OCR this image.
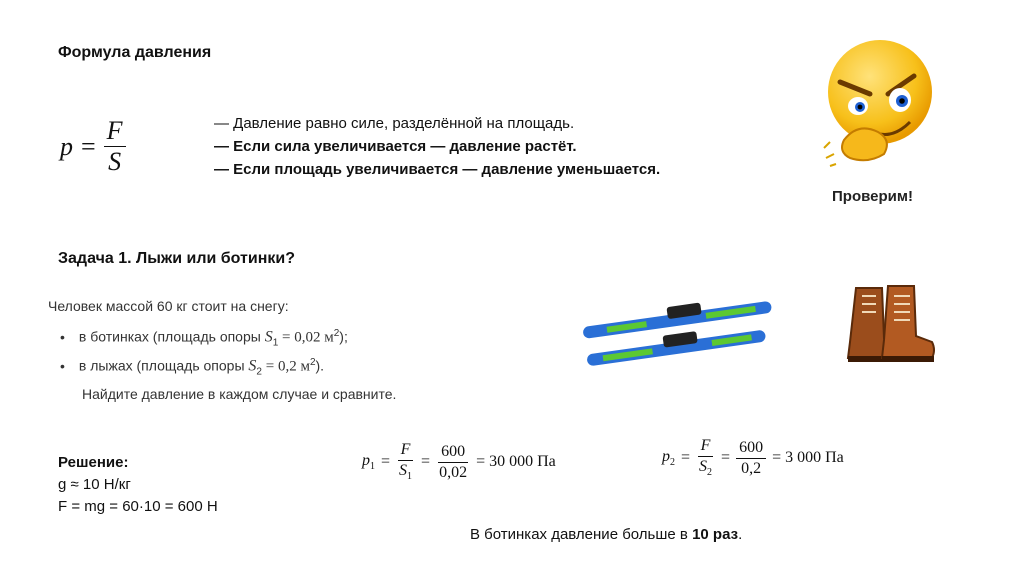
Формула давления
$p = \frac{F}{S}$	— Давление равно силе, разделённой на площадь.
— Если сила увеличивается — давление растёт.
— Если площадь увеличивается — давление уменьшается.
Проверим!
Задача 1. Лыжи или ботинки?
Человек массой 60 кг стоит на снегу:
• в ботинках (площадь опоры $S_1 = 0,02$ $м^2$);
• в лыжах (площадь опоры $S_2 = 0,2$ $м^2$).
Найдите давление в каждом случае и сравните.
Решение:
g ≈ 10 Н/кг
F = mg = 60·10 = 600 Н
$p_1 = \frac{F}{S_1} = \frac{600}{0,02} = 30$ 000 Па	$p_2 = \frac{F}{S_2} = \frac{600}{0,2} = 3$ 000 Па
В ботинках давление больше в 10 раз.
